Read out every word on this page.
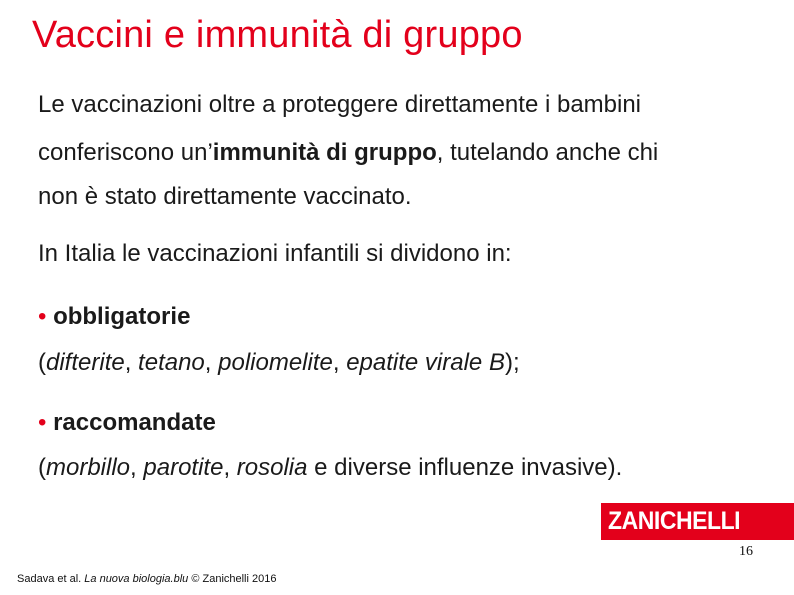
Vaccini e immunità di gruppo
Le vaccinazioni oltre a proteggere direttamente i bambini
conferiscono un’immunità di gruppo, tutelando anche chi
non è stato direttamente vaccinato.
In Italia le vaccinazioni infantili si dividono in:
• obbligatorie
(difterite, tetano, poliomelite, epatite virale B);
• raccomandate
(morbillo, parotite, rosolia e diverse influenze invasive).
ZANICHELLI
16
Sadava et al. La nuova biologia.blu © Zanichelli 2016
